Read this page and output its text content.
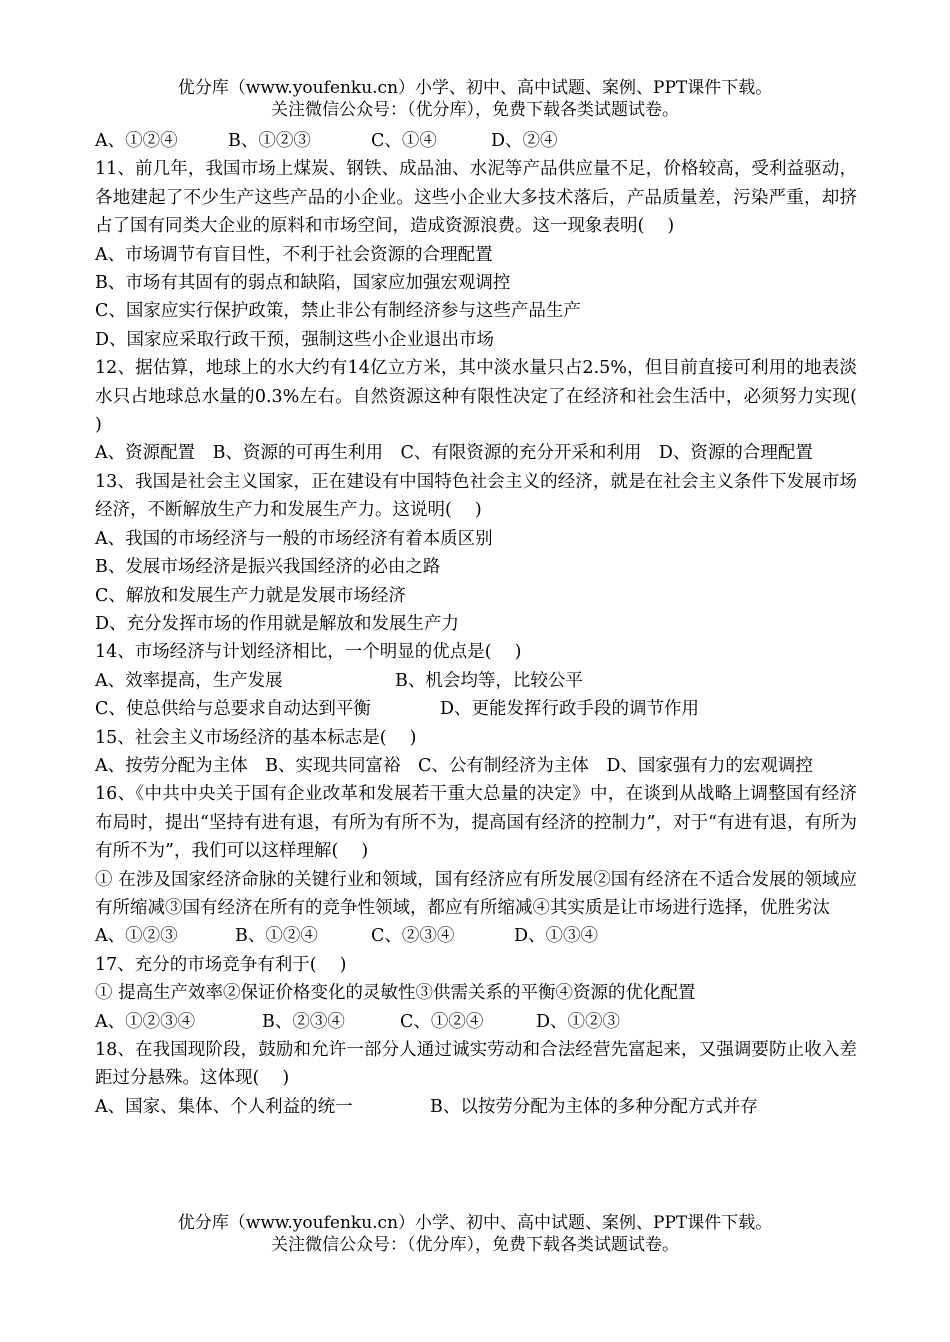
优分库（www.youfenku.cn）小学、初中、高中试题、案例、PPT课件下载。
关注微信公众号：（优分库），免费下载各类试题试卷。
A、①②④	B、①②③	C、①④	D、②④
11、前几年，我国市场上煤炭、钢铁、成品油、水泥等产品供应量不足，价格较高，受利益驱动，各地建起了不少生产这些产品的小企业。这些小企业大多技术落后，产品质量差，污染严重，却挤占了国有同类大企业的原料和市场空间，造成资源浪费。这一现象表明(　 )
A、市场调节有盲目性，不利于社会资源的合理配置
B、市场有其固有的弱点和缺陷，国家应加强宏观调控
C、国家应实行保护政策，禁止非公有制经济参与这些产品生产
D、国家应采取行政干预，强制这些小企业退出市场
12、据估算，地球上的水大约有14亿立方米，其中淡水量只占2.5%，但目前直接可利用的地表淡水只占地球总水量的0.3%左右。自然资源这种有限性决定了在经济和社会生活中，必须努力实现(　 )
A、资源配置　B、资源的可再生利用　C、有限资源的充分开采和利用　D、资源的合理配置
13、我国是社会主义国家，正在建设有中国特色社会主义的经济，就是在社会主义条件下发展市场经济，不断解放生产力和发展生产力。这说明(　 )
A、我国的市场经济与一般的市场经济有着本质区别
B、发展市场经济是振兴我国经济的必由之路
C、解放和发展生产力就是发展市场经济
D、充分发挥市场的作用就是解放和发展生产力
14、市场经济与计划经济相比，一个明显的优点是(　 )
A、效率提高，生产发展	B、机会均等，比较公平
C、使总供给与总要求自动达到平衡	D、更能发挥行政手段的调节作用
15、社会主义市场经济的基本标志是(　 )
A、按劳分配为主体　B、实现共同富裕　C、公有制经济为主体　D、国家强有力的宏观调控
16、《中共中央关于国有企业改革和发展若干重大总量的决定》中，在谈到从战略上调整国有经济布局时，提出“坚持有进有退，有所为有所不为，提高国有经济的控制力”，对于“有进有退，有所为有所不为”，我们可以这样理解(　 )
① 在涉及国家经济命脉的关键行业和领域，国有经济应有所发展②国有经济在不适合发展的领域应有所缩减③国有经济在所有的竞争性领域，都应有所缩减④其实质是让市场进行选择，优胜劣汰
A、①②③	B、①②④	C、②③④	D、①③④
17、充分的市场竞争有利于(　 )
① 提高生产效率②保证价格变化的灵敏性③供需关系的平衡④资源的优化配置
A、①②③④	B、②③④	C、①②④	D、①②③
18、在我国现阶段，鼓励和允许一部分人通过诚实劳动和合法经营先富起来，又强调要防止收入差距过分悬殊。这体现(　 )
A、国家、集体、个人利益的统一	B、以按劳分配为主体的多种分配方式并存
优分库（www.youfenku.cn）小学、初中、高中试题、案例、PPT课件下载。
关注微信公众号：（优分库），免费下载各类试题试卷。
